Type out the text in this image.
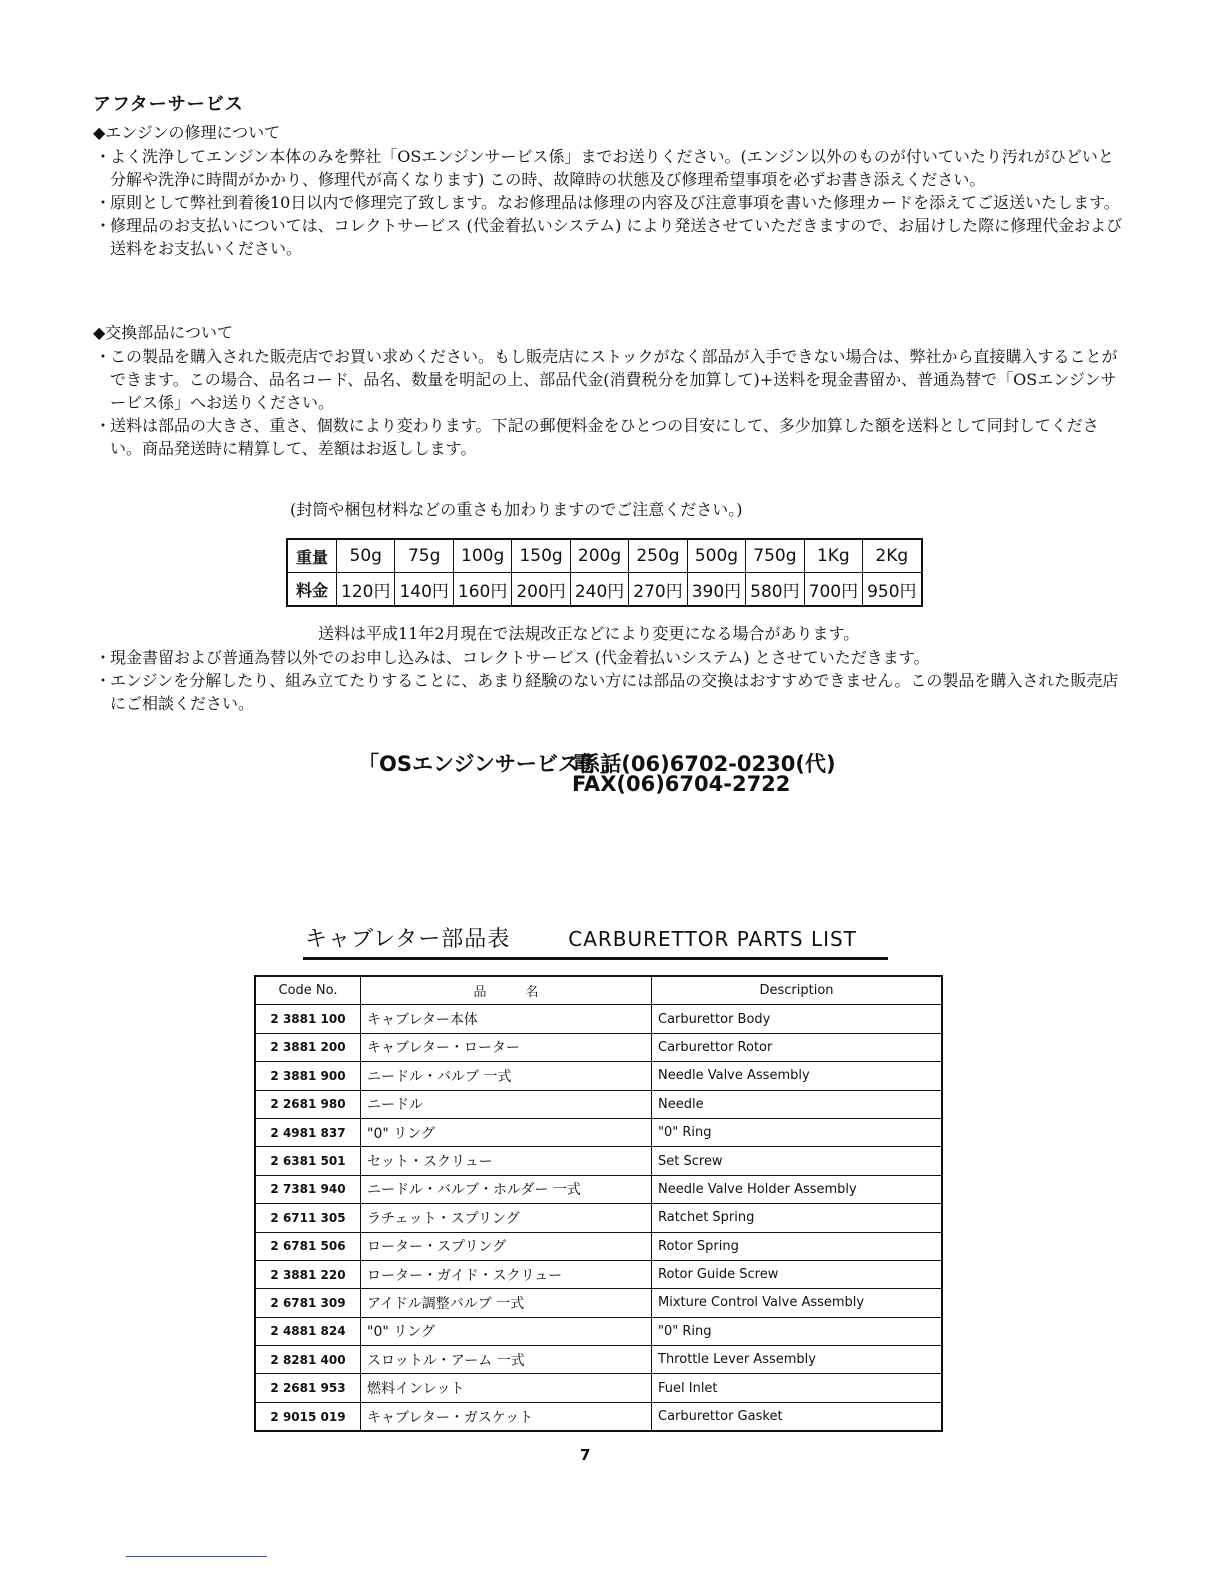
アフターサービス
◆エンジンの修理について
・
よく洗浄してエンジン本体のみを弊社「OSエンジンサービス係」までお送りください。(エンジン以外のものが付いていたり汚れがひどいと分解や洗浄に時間がかかり、修理代が高くなります) この時、故障時の状態及び修理希望事項を必ずお書き添えください。
・
原則として弊社到着後10日以内で修理完了致します。なお修理品は修理の内容及び注意事項を書いた修理カードを添えてご返送いたします。
・
修理品のお支払いについては、コレクトサービス (代金着払いシステム) により発送させていただきますので、お届けした際に修理代金および送料をお支払いください。
◆交換部品について
・
この製品を購入された販売店でお買い求めください。もし販売店にストックがなく部品が入手できない場合は、弊社から直接購入することができます。この場合、品名コード、品名、数量を明記の上、部品代金(消費税分を加算して)+送料を現金書留か、普通為替で「OSエンジンサービス係」へお送りください。
・
送料は部品の大きさ、重さ、個数により変わります。下記の郵便料金をひとつの目安にして、多少加算した額を送料として同封してください。商品発送時に精算して、差額はお返しします。
(封筒や梱包材料などの重さも加わりますのでご注意ください。)
重量	50g	75g	100g	150g	200g	250g	500g	750g	1Kg	2Kg
料金	120円	140円	160円	200円	240円	270円	390円	580円	700円	950円
送料は平成11年2月現在で法規改正などにより変更になる場合があります。
・
現金書留および普通為替以外でのお申し込みは、コレクトサービス (代金着払いシステム) とさせていただきます。
・
エンジンを分解したり、組み立てたりすることに、あまり経験のない方には部品の交換はおすすめできません。この製品を購入された販売店にご相談ください。
「OSエンジンサービス係」
電 話(06)6702-0230(代)
FAX(06)6704-2722
キャブレター部品表	CARBURETTOR PARTS LIST
Code No.	品　　　名	Description
2 3881 100	キャブレター本体	Carburettor Body
2 3881 200	キャブレター・ローター	Carburettor Rotor
2 3881 900	ニードル・バルブ 一式	Needle Valve Assembly
2 2681 980	ニードル	Needle
2 4981 837	"0" リング	"0" Ring
2 6381 501	セット・スクリュー	Set Screw
2 7381 940	ニードル・バルブ・ホルダー 一式	Needle Valve Holder Assembly
2 6711 305	ラチェット・スプリング	Ratchet Spring
2 6781 506	ローター・スプリング	Rotor Spring
2 3881 220	ローター・ガイド・スクリュー	Rotor Guide Screw
2 6781 309	アイドル調整バルブ 一式	Mixture Control Valve Assembly
2 4881 824	"0" リング	"0" Ring
2 8281 400	スロットル・アーム 一式	Throttle Lever Assembly
2 2681 953	燃料インレット	Fuel Inlet
2 9015 019	キャブレター・ガスケット	Carburettor Gasket
7
